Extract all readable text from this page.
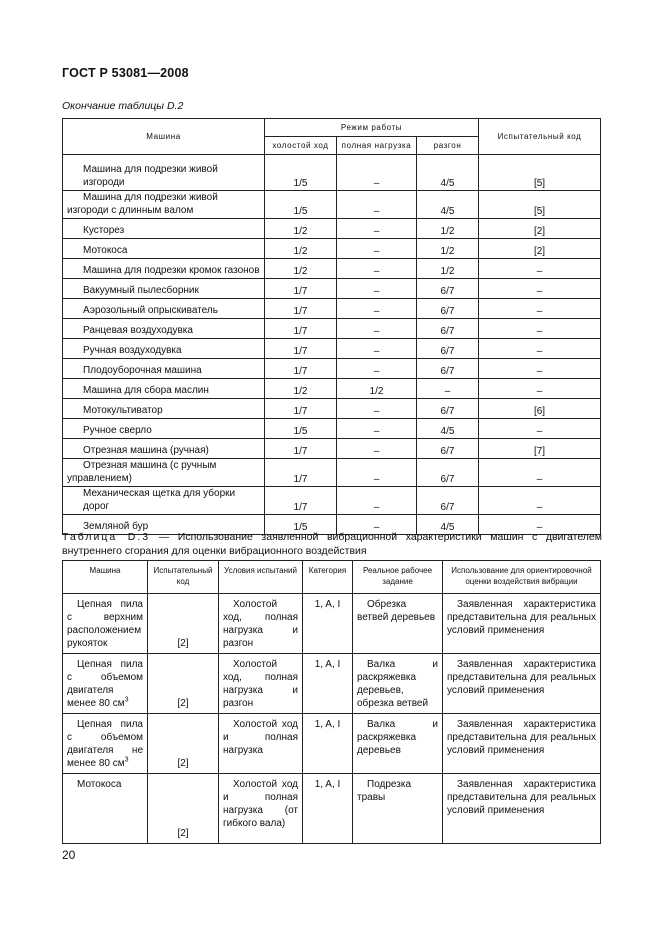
ГОСТ Р 53081—2008
Окончание таблицы D.2
Машина	Режим работы			Испытательный код
	холостой ход	полная нагрузка	разгон	
Машина для подрезки живой изгороди	1/5	–	4/5	[5]
Машина для подрезки живой изгороди с длинным валом	1/5	–	4/5	[5]
Кусторез	1/2	–	1/2	[2]
Мотокоса	1/2	–	1/2	[2]
Машина для подрезки кромок газонов	1/2	–	1/2	–
Вакуумный пылесборник	1/7	–	6/7	–
Аэрозольный опрыскиватель	1/7	–	6/7	–
Ранцевая воздуходувка	1/7	–	6/7	–
Ручная воздуходувка	1/7	–	6/7	–
Плодоуборочная машина	1/7	–	6/7	–
Машина для сбора маслин	1/2	1/2	–	–
Мотокультиватор	1/7	–	6/7	[6]
Ручное сверло	1/5	–	4/5	–
Отрезная машина (ручная)	1/7	–	6/7	[7]
Отрезная машина (с ручным управлением)	1/7	–	6/7	–
Механическая щетка для уборки дорог	1/7	–	6/7	–
Земляной бур	1/5	–	4/5	–
Таблица D.3 — Использование заявленной вибрационной характеристики машин с двигателем внутреннего сгорания для оценки вибрационного воздействия
Машина	Испытательный код	Условия испытаний	Категория	Реальное рабочее задание	Использование для ориентировочной оценки воздействия вибрации
Цепная пила с верхним расположением рукояток	[2]	Холостой ход, полная нагрузка и разгон	1, A, I	Обрезка ветвей деревьев	Заявленная характеристика представительна для реальных условий применения
Цепная пила с объемом двигателя менее 80 $см^3$	[2]	Холостой ход, полная нагрузка и разгон	1, A, I	Валка и раскряжевка деревьев, обрезка ветвей	Заявленная характеристика представительна для реальных условий применения
Цепная пила с объемом двигателя не менее 80 $см^3$	[2]	Холостой ход и полная нагрузка	1, A, I	Валка и раскряжевка деревьев	Заявленная характеристика представительна для реальных условий применения
Мотокоса	[2]	Холостой ход и полная нагрузка (от гибкого вала)	1, A, I	Подрезка травы	Заявленная характеристика представительна для реальных условий применения
20
